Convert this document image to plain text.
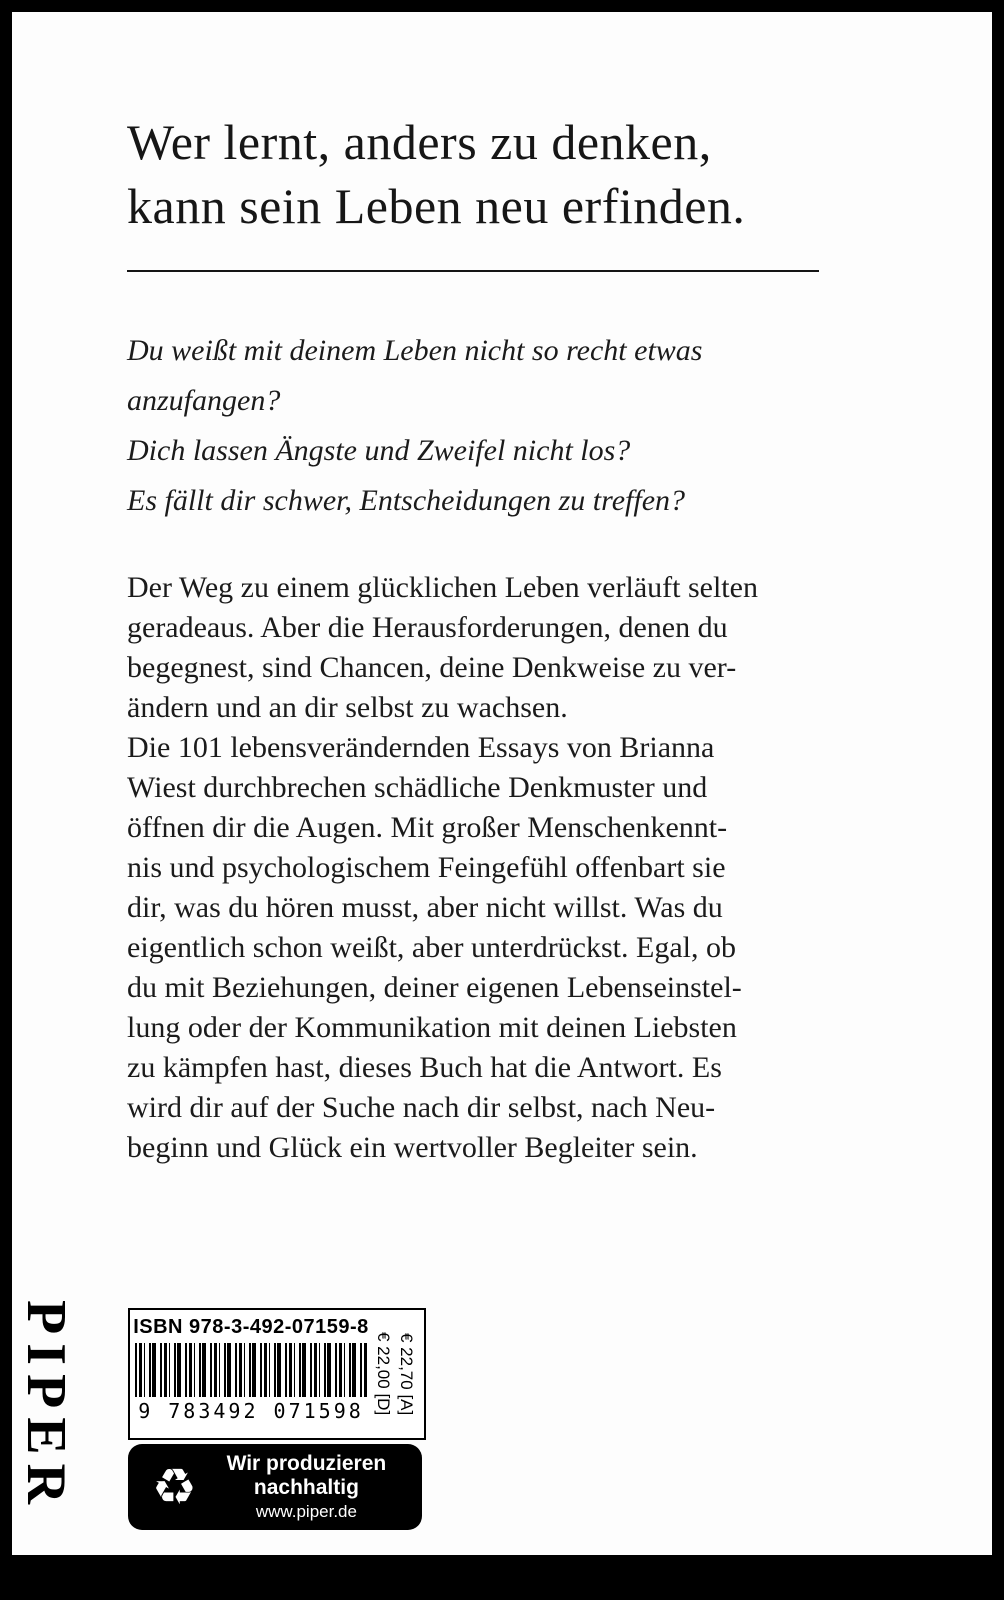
Wer lernt, anders zu denken,
kann sein Leben neu erfinden.
Du weißt mit deinem Leben nicht so recht etwas
anzufangen?
Dich lassen Ängste und Zweifel nicht los?
Es fällt dir schwer, Entscheidungen zu treffen?
Der Weg zu einem glücklichen Leben verläuft selten
geradeaus. Aber die Herausforderungen, denen du
begegnest, sind Chancen, deine Denkweise zu ver-
ändern und an dir selbst zu wachsen.
Die 101 lebensverändernden Essays von Brianna
Wiest durchbrechen schädliche Denkmuster und
öffnen dir die Augen. Mit großer Menschenkennt-
nis und psychologischem Feingefühl offenbart sie
dir, was du hören musst, aber nicht willst. Was du
eigentlich schon weißt, aber unterdrückst. Egal, ob
du mit Beziehungen, deiner eigenen Lebenseinstel-
lung oder der Kommunikation mit deinen Liebsten
zu kämpfen hast, dieses Buch hat die Antwort. Es
wird dir auf der Suche nach dir selbst, nach Neu-
beginn und Glück ein wertvoller Begleiter sein.
PIPER	ISBN 978-3-492-07159-8
9 783492 071598 € 22,00 [D] € 22,70 [A]
♻	Wir produzieren
nachhaltig
www.piper.de
